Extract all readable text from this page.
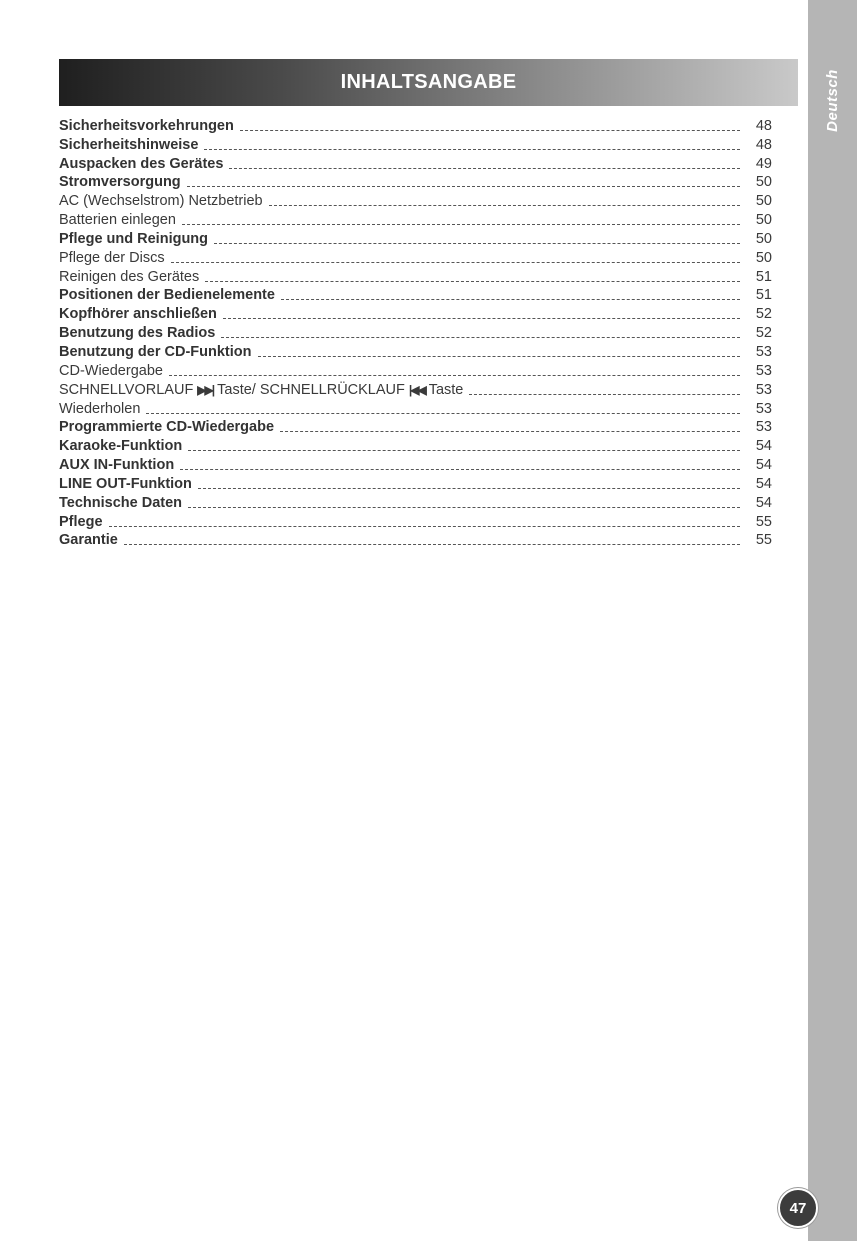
Deutsch
INHALTSANGABE
Sicherheitsvorkehrungen	48
Sicherheitshinweise	48
Auspacken des Gerätes	49
Stromversorgung	50
AC (Wechselstrom) Netzbetrieb	50
Batterien einlegen	50
Pflege und Reinigung	50
Pflege der Discs	50
Reinigen des Gerätes	51
Positionen der Bedienelemente	51
Kopfhörer anschließen	52
Benutzung des Radios	52
Benutzung der CD-Funktion	53
CD-Wiedergabe	53
SCHNELLVORLAUF ▶▶| Taste/ SCHNELLRÜCKLAUF |◀◀ Taste	53
Wiederholen	53
Programmierte CD-Wiedergabe	53
Karaoke-Funktion	54
AUX IN-Funktion	54
LINE OUT-Funktion	54
Technische Daten	54
Pflege	55
Garantie	55
47
